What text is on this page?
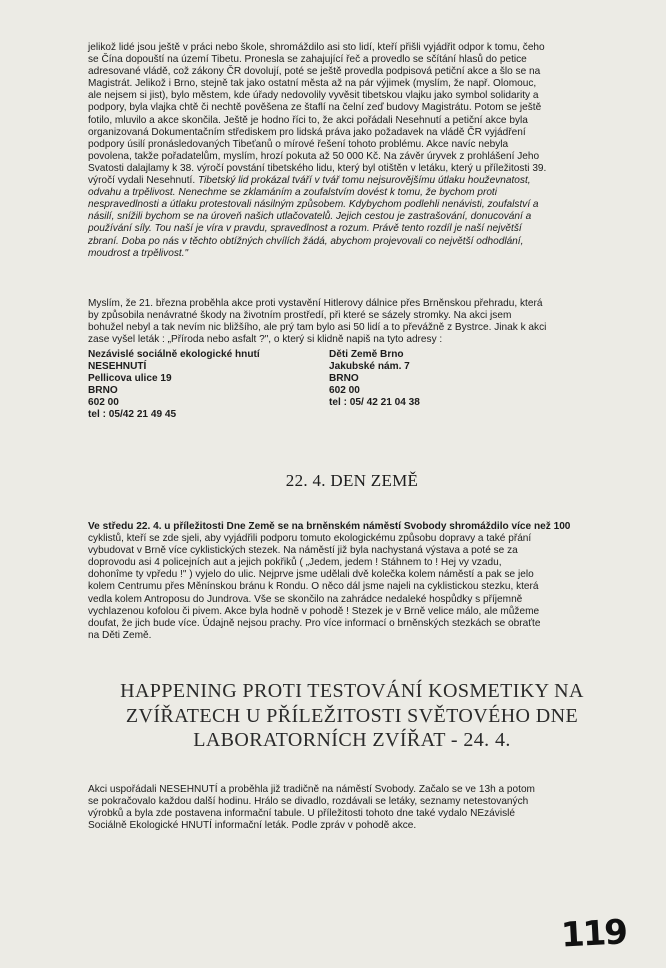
jelikož lidé jsou ještě v práci nebo škole, shromáždilo asi sto lidí, kteří přišli vyjádřit odpor k tomu, čeho
se Čína dopouští na území Tibetu. Pronesla se zahajující řeč a provedlo se sčítání hlasů do petice
adresované vládě, což zákony ČR dovolují, poté se ještě provedla podpisová petiční akce a šlo se na
Magistrát. Jelikož i Brno, stejně tak jako ostatní města až na pár výjimek (myslím, že např. Olomouc,
ale nejsem si jist), bylo městem, kde úřady nedovolily vyvěsit tibetskou vlajku jako symbol solidarity a
podpory, byla vlajka chtě či nechtě pověšena ze štaflí na čelní zeď budovy Magistrátu. Potom se ještě
fotilo, mluvilo a akce skončila. Ještě je hodno říci to, že akci pořádali Nesehnutí a petiční akce byla
organizovaná Dokumentačním střediskem pro lidská práva jako požadavek na vládě ČR vyjádření
podpory úsilí pronásledovaných Tibeťanů o mírové řešení tohoto problému. Akce navíc nebyla
povolena, takže pořadatelům, myslím, hrozí pokuta až 50 000 Kč. Na závěr úryvek z prohlášení Jeho
Svatosti dalajlamy k 38. výročí povstání tibetského lidu, který byl otištěn v letáku, který u příležitosti 39.
výročí vydali Nesehnutí. Tibetský lid prokázal tváří v tvář tomu nejsurovějšímu útlaku houževnatost,
odvahu a trpělivost. Nenechme se zklamáním a zoufalstvím dovést k tomu, že bychom proti
nespravedlnosti a útlaku protestovali násilným způsobem. Kdybychom podlehli nenávisti, zoufalství a
násilí, snížili bychom se na úroveň našich utlačovatelů. Jejich cestou je zastrašování, donucování a
používání síly. Tou naší je víra v pravdu, spravedlnost a rozum. Právě tento rozdíl je naší největší
zbraní. Doba po nás v těchto obtížných chvílích žádá, abychom projevovali co největší odhodlání,
moudrost a trpělivost."
Myslím, že 21. března proběhla akce proti vystavění Hitlerovy dálnice přes Brněnskou přehradu, která
by způsobila nenávratné škody na životním prostředí, při které se sázely stromky. Na akci jsem
bohužel nebyl a tak nevím nic bližšího, ale prý tam bylo asi 50 lidí a to převážně z Bystrce. Jinak k akci
zase vyšel leták : „Příroda nebo asfalt ?", o který si klidně napiš na tyto adresy :
Nezávislé sociálně ekologické hnutí
NESEHNUTÍ
Pellicova ulice 19
BRNO
602 00
tel : 05/42 21 49 45
Děti Země Brno
Jakubské nám. 7
BRNO
602 00
tel : 05/ 42 21 04 38
22. 4. DEN ZEMĚ
Ve středu 22. 4. u příležitosti Dne Země se na brněnském náměstí Svobody shromáždilo více než 100
cyklistů, kteří se zde sjeli, aby vyjádřili podporu tomuto ekologickému způsobu dopravy a také přání
vybudovat v Brně více cyklistických stezek. Na náměstí již byla nachystaná výstava a poté se za
doprovodu asi 4 policejních aut a jejich pokřiků ( „Jedem, jedem ! Stáhnem to ! Hej vy vzadu,
dohonîme ty vpředu !" ) vyjelo do ulic. Nejprve jsme udělali dvě kolečka kolem náměstí a pak se jelo
kolem Centrumu přes Měnínskou bránu k Rondu. O něco dál jsme najeli na cyklistickou stezku, která
vedla kolem Antroposu do Jundrova. Vše se skončilo na zahrádce nedaleké hospůdky s příjemně
vychlazenou kofolou či pivem. Akce byla hodně v pohodě ! Stezek je v Brně velice málo, ale můžeme
doufat, že jich bude více. Údajně nejsou prachy. Pro více informací o brněnských stezkách se obraťte
na Děti Země.
HAPPENING PROTI TESTOVÁNÍ KOSMETIKY NA
ZVÍŘATECH U PŘÍLEŽITOSTI SVĚTOVÉHO DNE
LABORATORNÍCH ZVÍŘAT - 24. 4.
Akci uspořádali NESEHNUTÍ a proběhla již tradičně na náměstí Svobody. Začalo se ve 13h a potom
se pokračovalo každou další hodinu. Hrálo se divadlo, rozdávali se letáky, seznamy netestovaných
výrobků a byla zde postavena informační tabule. U příležitosti tohoto dne také vydalo NEzávislé
Sociálně Ekologické HNUTÍ informační leták. Podle zpráv v pohodě akce.
119
